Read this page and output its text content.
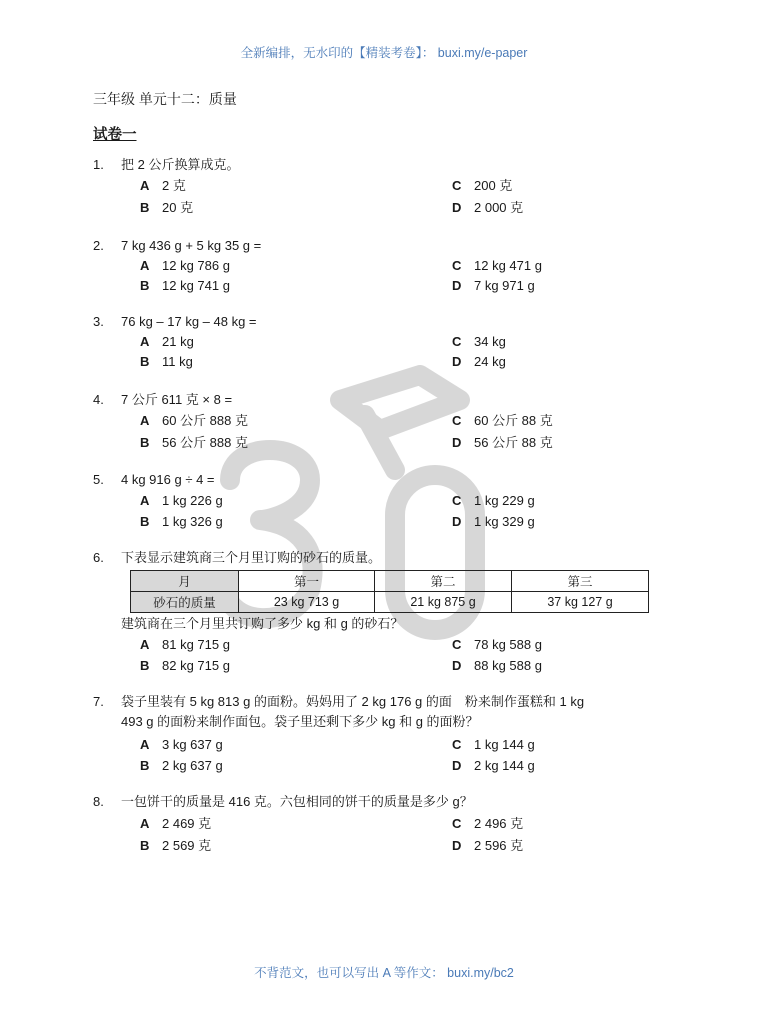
全新编排，无水印的【精装考卷】： buxi.my/e-paper
三年级 单元十二：质量
试卷一
1. 把 2 公斤换算成克。
A 2 克
B 20 克
C 200 克
D 2 000 克
2. 7 kg 436 g + 5 kg 35 g =
A 12 kg 786 g
B 12 kg 741 g
C 12 kg 471 g
D 7 kg 971 g
3. 76 kg – 17 kg – 48 kg =
A 21 kg
B 11 kg
C 34 kg
D 24 kg
4. 7 公斤 611 克 × 8 =
A 60 公斤 888 克
B 56 公斤 888 克
C 60 公斤 88 克
D 56 公斤 88 克
5. 4 kg 916 g ÷ 4 =
A 1 kg 226 g
B 1 kg 326 g
C 1 kg 229 g
D 1 kg 329 g
6. 下表显示建筑商三个月里订购的砂石的质量。
月	第一	第二	第三
砂石的质量	23 kg 713 g	21 kg 875 g	37 kg 127 g
建筑商在三个月里共订购了多少 kg 和 g 的砂石？
A 81 kg 715 g
B 82 kg 715 g
C 78 kg 588 g
D 88 kg 588 g
7. 袋子里装有 5 kg 813 g 的面粉。妈妈用了 2 kg 176 g 的面　粉来制作蛋糕和 1 kg
493 g 的面粉来制作面包。袋子里还剩下多少 kg 和 g 的面粉？
A 3 kg 637 g
B 2 kg 637 g
C 1 kg 144 g
D 2 kg 144 g
8. 一包饼干的质量是 416 克。六包相同的饼干的质量是多少 g？
A 2 469 克
B 2 569 克
C 2 496 克
D 2 596 克
不背范文，也可以写出 A 等作文： buxi.my/bc2
